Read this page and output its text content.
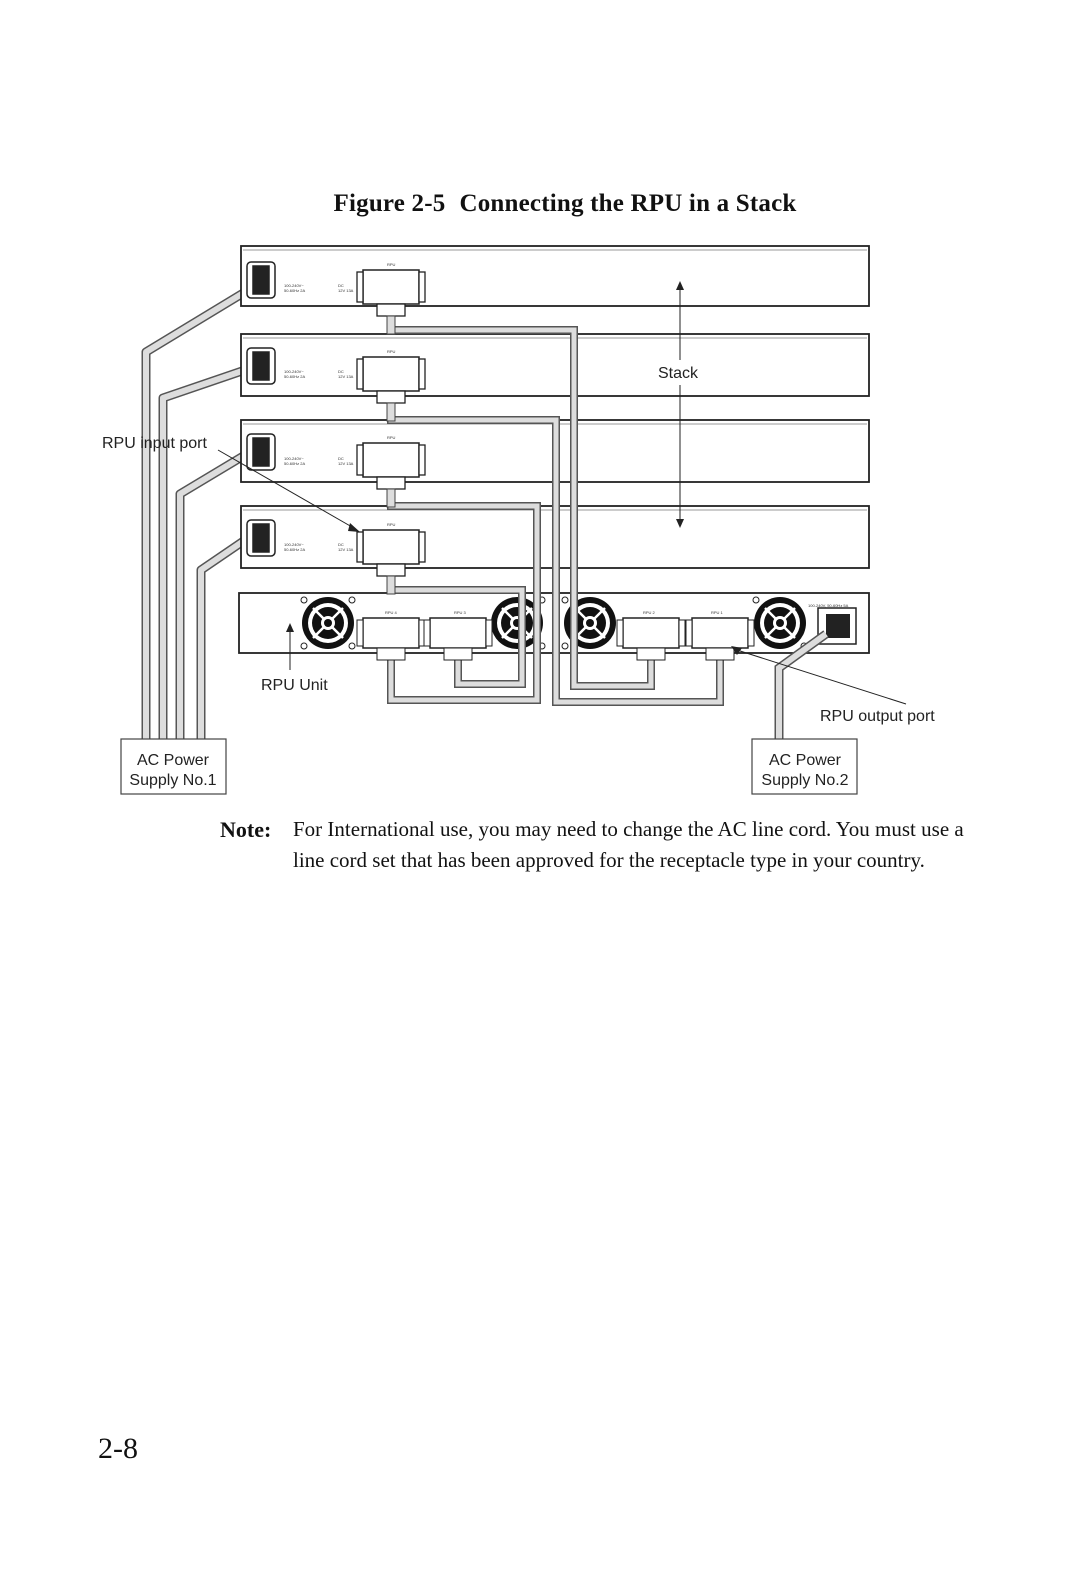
Figure 2-5 Connecting the RPU in a Stack
100-240V~
50-60Hz 2A
DC
12V 13A
RPU
100-240V~
50-60Hz 2A
DC
12V 13A
RPU
100-240V~
50-60Hz 2A
DC
12V 13A
RPU
100-240V~
50-60Hz 2A
DC
12V 13A
RPU
RPU 4	RPU 3	RPU 2	RPU 1
100-240V, 50-60Hz 5A
Stack
RPU input port
RPU Unit
RPU output port
AC Power
Supply No.1
AC Power
Supply No.2
Note: For International use, you may need to change the AC line cord. You must use a line cord set that has been approved for the receptacle type in your country.
2-8
